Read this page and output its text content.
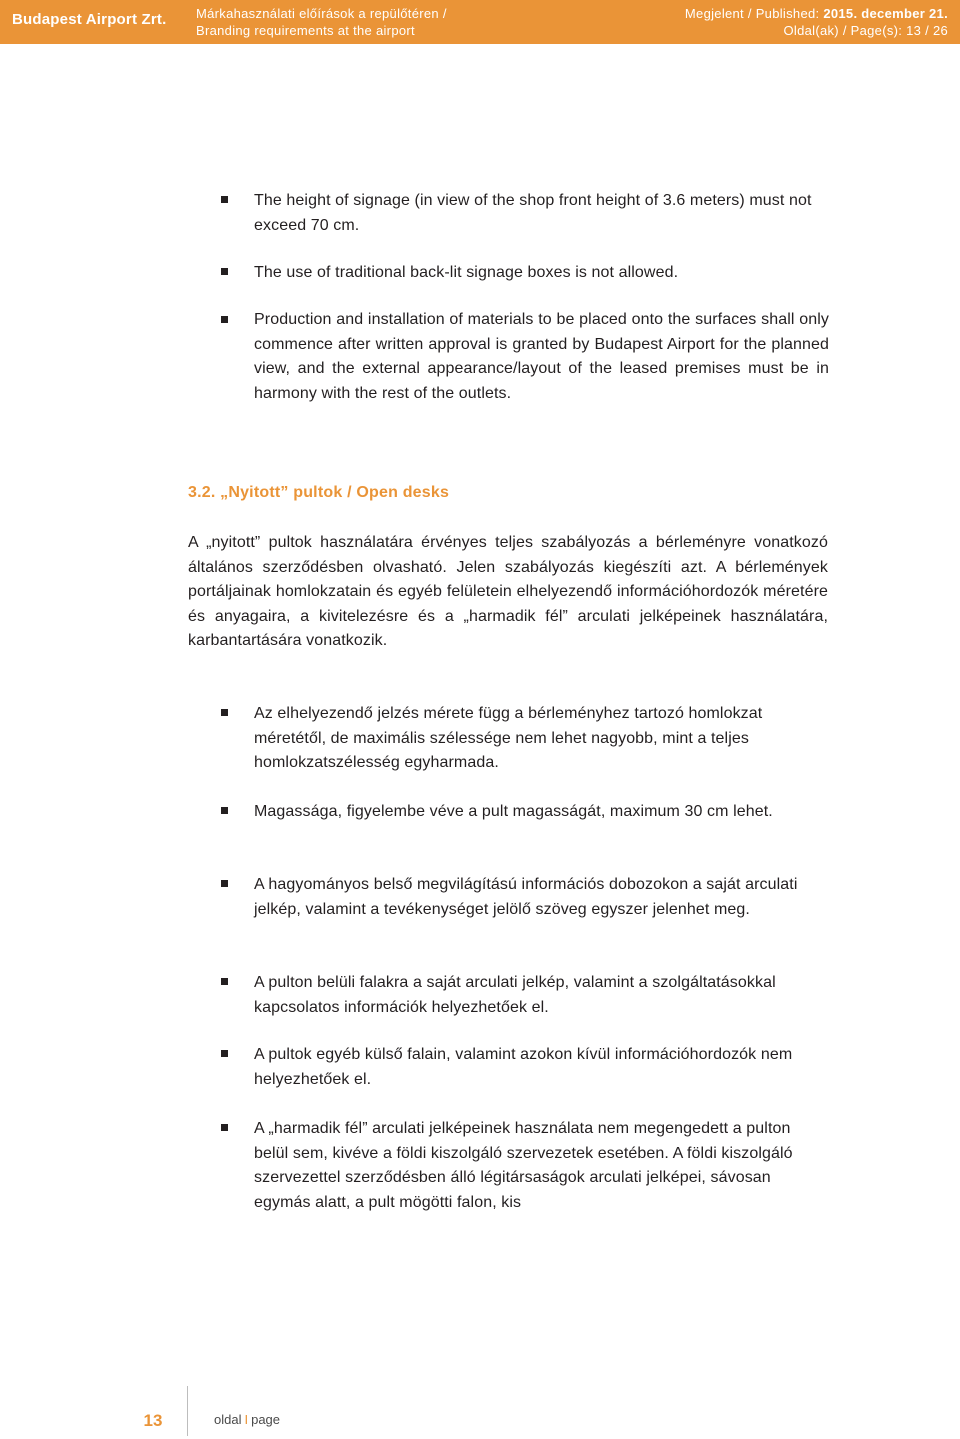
Budapest Airport Zrt. Márkahasználati előírások a repülőtéren /
Branding requirements at the airport
Megjelent / Published: 2015. december 21.
Oldal(ak) / Page(s): 13 / 26
The height of signage (in view of the shop front height of 3.6 meters) must not exceed 70 cm.
The use of traditional back-lit signage boxes is not allowed.
Production and installation of materials to be placed onto the surfaces shall only commence after written approval is granted by Budapest Airport for the planned view, and the external appearance/layout of the leased premises must be in harmony with the rest of the outlets.
3.2. „Nyitott” pultok / Open desks
A „nyitott” pultok használatára érvényes teljes szabályozás a bérleményre vonatkozó általános szerződésben olvasható. Jelen szabályozás kiegészíti azt. A bérlemények portáljainak homlokzatain és egyéb felületein elhelyezendő információhordozók méretére és anyagaira, a kivitelezésre és a „harmadik fél” arculati jelképeinek használatára, karbantartására vonatkozik.
Az elhelyezendő jelzés mérete függ a bérleményhez tartozó homlokzat méretétől, de maximális szélessége nem lehet nagyobb, mint a teljes homlokzatszélesség egyharmada.
Magassága, figyelembe véve a pult magasságát, maximum 30 cm lehet.
A hagyományos belső megvilágítású információs dobozokon a saját arculati jelkép, valamint a tevékenységet jelölő szöveg egyszer jelenhet meg.
A pulton belüli falakra a saját arculati jelkép, valamint a szolgáltatásokkal kapcsolatos információk helyezhetőek el.
A pultok egyéb külső falain, valamint azokon kívül információhordozók nem helyezhetőek el.
A „harmadik fél” arculati jelképeinek használata nem megengedett a pulton belül sem, kivéve a földi kiszolgáló szervezetek esetében. A földi kiszolgáló szervezettel szerződésben álló légitársaságok arculati jelképei, sávosan egymás alatt, a pult mögötti falon, kis
13	oldal I page
